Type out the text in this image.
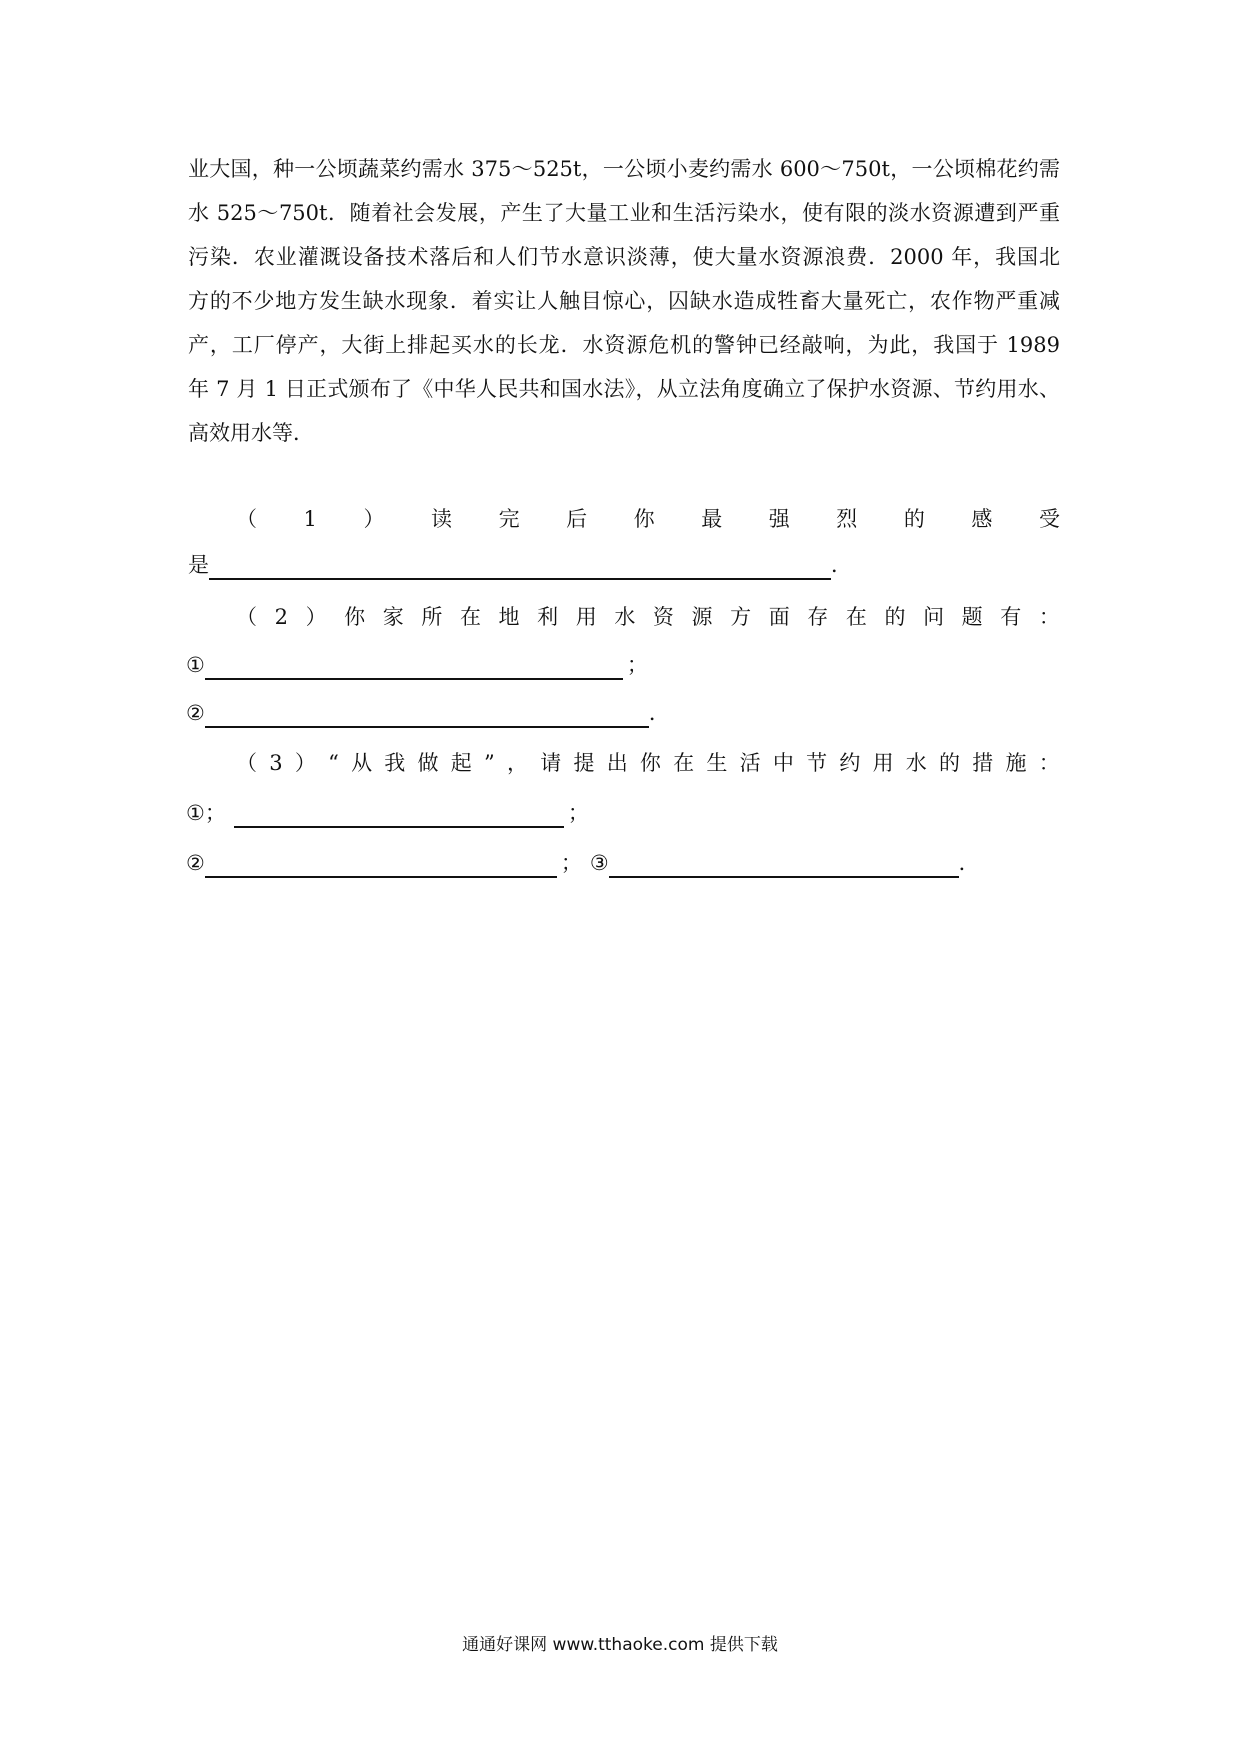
业大国，种一公顷蔬菜约需水 375～525t，一公顷小麦约需水 600～750t，一公顷棉花约需
水 525～750t．随着社会发展，产生了大量工业和生活污染水，使有限的淡水资源遭到严重
污染．农业灌溉设备技术落后和人们节水意识淡薄，使大量水资源浪费．2000 年，我国北
方的不少地方发生缺水现象．着实让人触目惊心，囚缺水造成牲畜大量死亡，农作物严重减
产，工厂停产，大街上排起买水的长龙．水资源危机的警钟已经敲响，为此，我国于 1989
年 7 月 1 日正式颁布了《中华人民共和国水法》，从立法角度确立了保护水资源、节约用水、
高效用水等．
（ 1 ） 读 完 后 你 最 强 烈 的 感 受
是	．
（ 2 ） 你 家 所 在 地 利 用 水 资 源 方 面 存 在 的 问 题 有 ：
①	；
②	．
（ 3 ） “ 从 我 做 起 ” ， 请 提 出 你 在 生 活 中 节 约 用 水 的 措 施 ：
①；	；
②	； ③	．
通通好课网 www.tthaoke.com 提供下载
